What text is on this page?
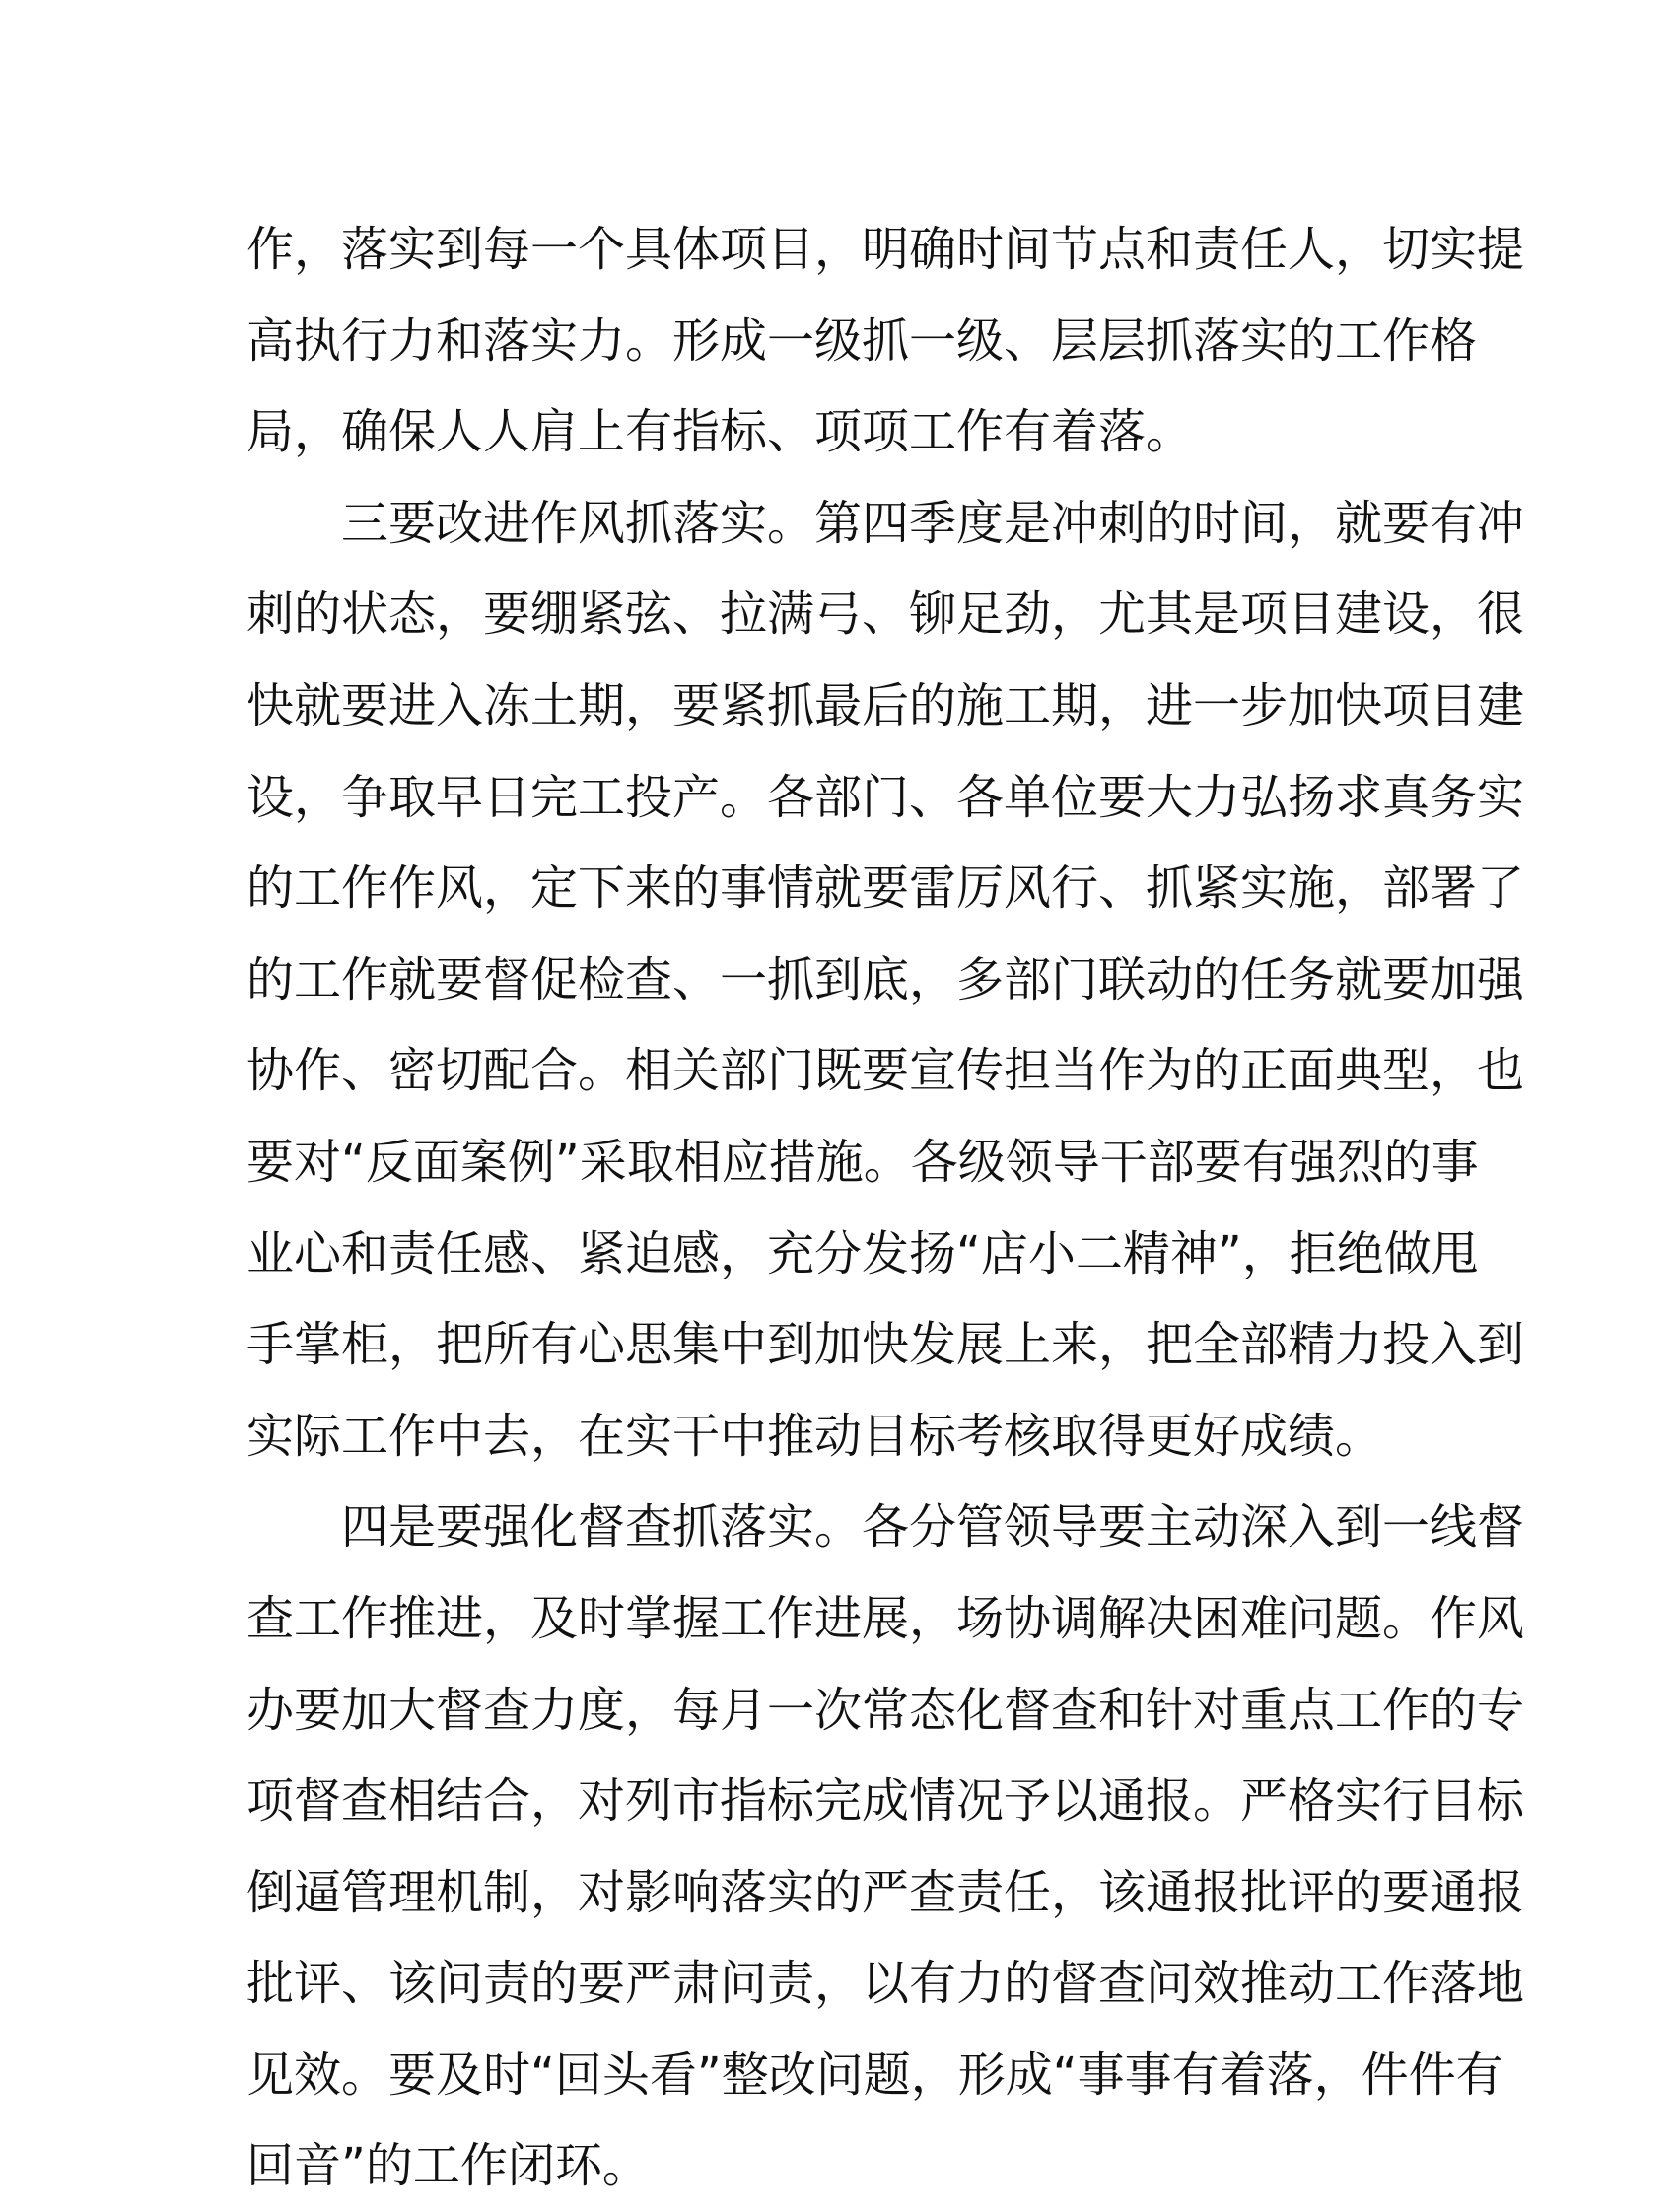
作，落实到每一个具体项目，明确时间节点和责任人，切实提
高执行力和落实力。形成一级抓一级、层层抓落实的工作格
局，确保人人肩上有指标、项项工作有着落。

三要改进作风抓落实。第四季度是冲刺的时间，就要有冲
刺的状态，要绷紧弦、拉满弓、铆足劲，尤其是项目建设，很
快就要进入冻土期，要紧抓最后的施工期，进一步加快项目建
设，争取早日完工投产。各部门、各单位要大力弘扬求真务实
的工作作风，定下来的事情就要雷厉风行、抓紧实施，部署了
的工作就要督促检查、一抓到底，多部门联动的任务就要加强
协作、密切配合。相关部门既要宣传担当作为的正面典型，也
要对“反面案例”采取相应措施。各级领导干部要有强烈的事
业心和责任感、紧迫感，充分发扬“店小二精神”，拒绝做甩
手掌柜，把所有心思集中到加快发展上来，把全部精力投入到
实际工作中去，在实干中推动目标考核取得更好成绩。

四是要强化督查抓落实。各分管领导要主动深入到一线督
查工作推进，及时掌握工作进展，场协调解决困难问题。作风
办要加大督查力度，每月一次常态化督查和针对重点工作的专
项督查相结合，对列市指标完成情况予以通报。严格实行目标
倒逼管理机制，对影响落实的严查责任，该通报批评的要通报
批评、该问责的要严肃问责，以有力的督查问效推动工作落地
见效。要及时“回头看”整改问题，形成“事事有着落，件件有
回音”的工作闭环。
